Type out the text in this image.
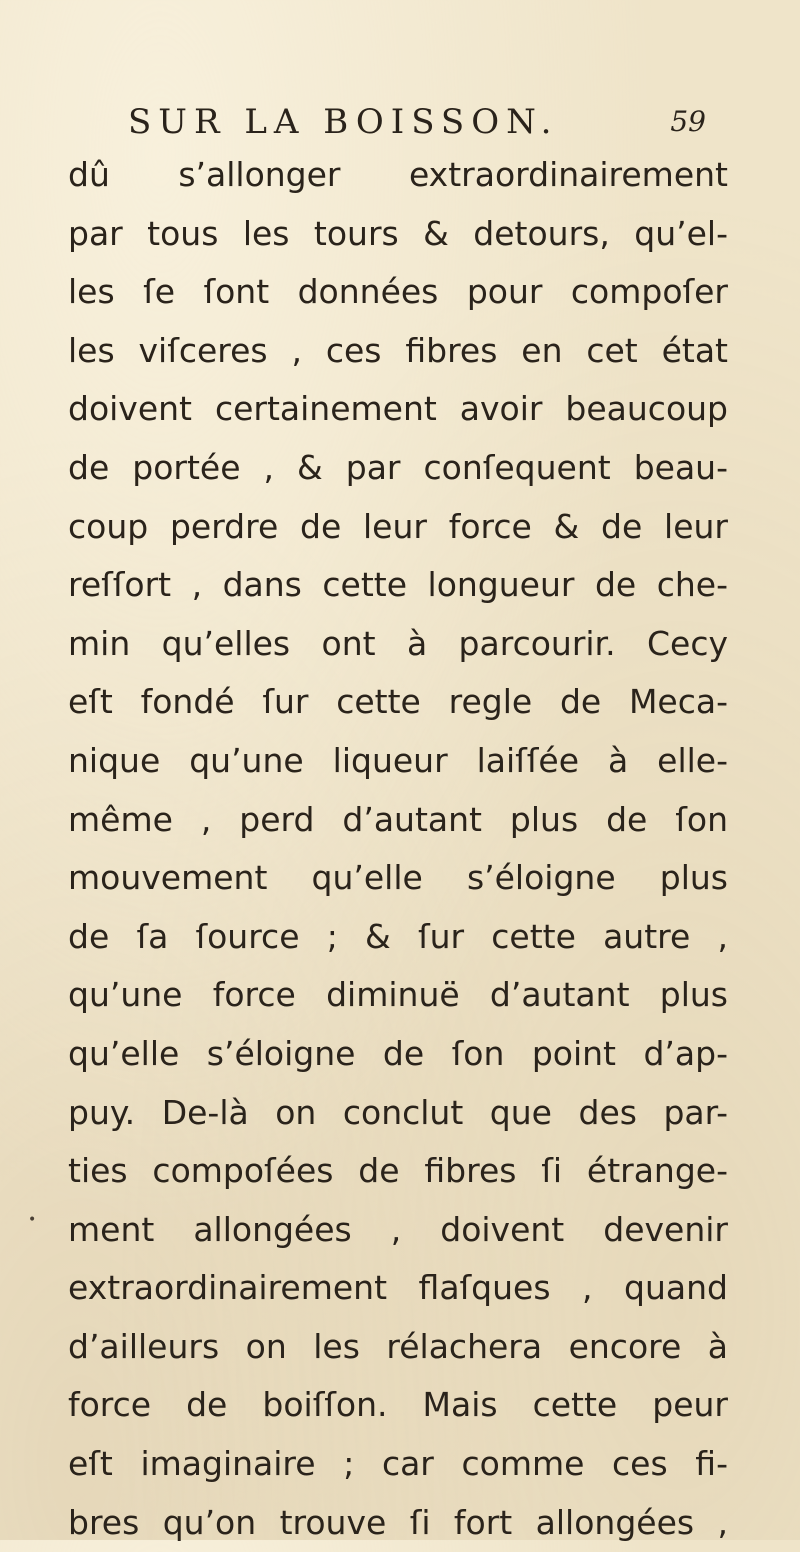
SUR LA BOISSON.	59
dû s’allonger extraordinairement
par tous les tours & detours, qu’el-
les ſe ſont données pour compoſer
les viſceres , ces fibres en cet état
doivent certainement avoir beaucoup
de portée , & par conſequent beau-
coup perdre de leur force & de leur
reſſort , dans cette longueur de che-
min qu’elles ont à parcourir. Cecy
eſt fondé ſur cette regle de Meca-
nique qu’une liqueur laiſſée à elle-
même , perd d’autant plus de ſon
mouvement qu’elle s’éloigne plus
de ſa ſource ; & ſur cette autre ,
qu’une force diminuë d’autant plus
qu’elle s’éloigne de ſon point d’ap-
puy. De-là on conclut que des par-
ties compoſées de fibres ſi étrange-
ment allongées , doivent devenir
extraordinairement flaſques , quand
d’ailleurs on les rélachera encore à
force de boiſſon. Mais cette peur
eſt imaginaire ; car comme ces fi-
bres qu’on trouve ſi fort allongées ,
•
